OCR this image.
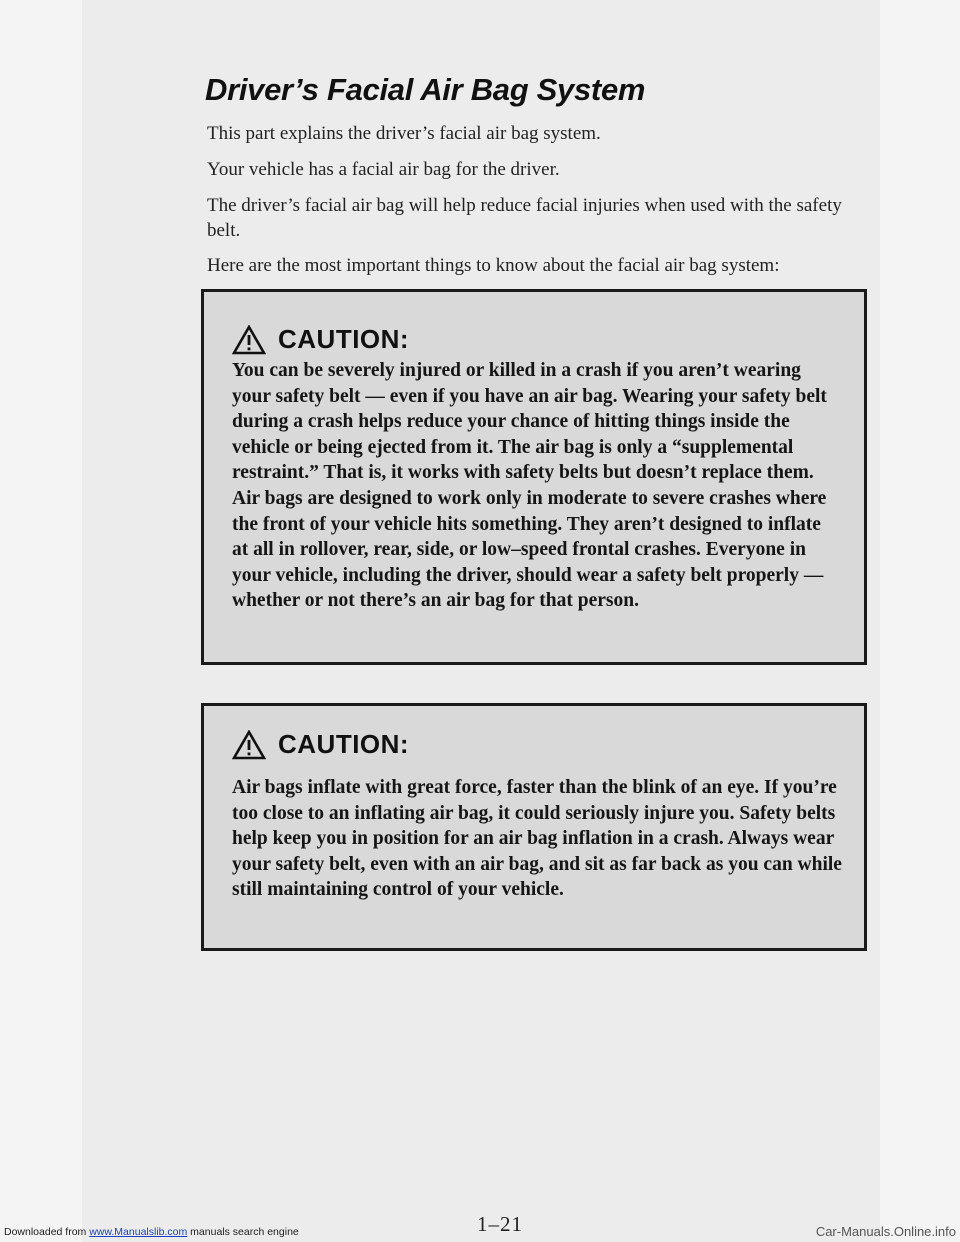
Driver’s Facial Air Bag System

This part explains the driver’s facial air bag system.

Your vehicle has a facial air bag for the driver.

The driver’s facial air bag will help reduce facial injuries when used with the safety belt.

Here are the most important things to know about the facial air bag system:

CAUTION:

You can be severely injured or killed in a crash if you aren’t wearing your safety belt — even if you have an air bag. Wearing your safety belt during a crash helps reduce your chance of hitting things inside the vehicle or being ejected from it. The air bag is only a “supplemental restraint.” That is, it works with safety belts but doesn’t replace them. Air bags are designed to work only in moderate to severe crashes where the front of your vehicle hits something. They aren’t designed to inflate at all in rollover, rear, side, or low–speed frontal crashes. Everyone in your vehicle, including the driver, should wear a safety belt properly — whether or not there’s an air bag for that person.

CAUTION:

Air bags inflate with great force, faster than the blink of an eye. If you’re too close to an inflating air bag, it could seriously injure you. Safety belts help keep you in position for an air bag inflation in a crash. Always wear your safety belt, even with an air bag, and sit as far back as you can while still maintaining control of your vehicle.

1–21
Downloaded from www.Manualslib.com manuals search engine	Car-Manuals.Online.info
